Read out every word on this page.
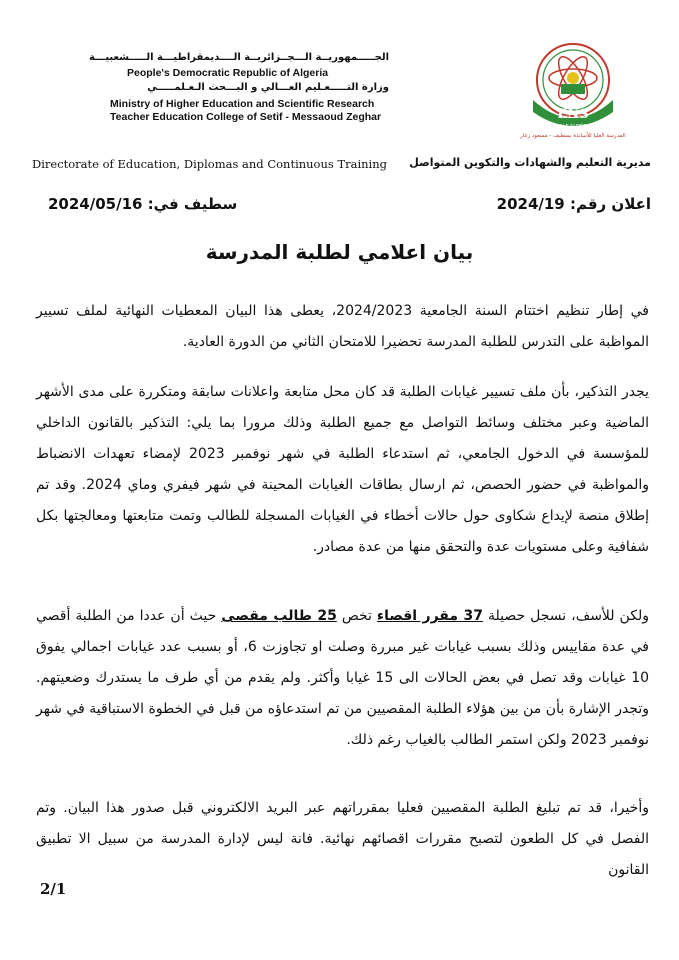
ENS
ÉCOLE NORMALE SUPÉRIEURE - SETIF
المدرسة العليا للأساتذة بسطيف - مسعود زغار
الجـــــمهوريــة الـــجــزائريــة الــــديمقراطيـــة الـــــشعبيـــة
People's Democratic Republic of Algeria
وزارة التـــــعـليم العـــالي و البـــحث الـعـلمـــــي
Ministry of Higher Education and Scientific Research
Teacher Education College of Setif - Messaoud Zeghar
Directorate of Education, Diplomas and Continuous Training مديرية التعليم والشهادات والتكوين المتواصل
اعلان رقم: 2024/19
سطيف في: 2024/05/16
بيان اعلامي لطلبة المدرسة
في إطار تنظيم اختتام السنة الجامعية 2024/2023، يعطى هذا البيان المعطيات النهائية لملف تسيير المواظبة على التدرس للطلبة المدرسة تحضيرا للامتحان الثاني من الدورة العادية.
يجدر التذكير، بأن ملف تسيير غيابات الطلبة قد كان محل متابعة واعلانات سابقة ومتكررة على مدى الأشهر الماضية وعبر مختلف وسائط التواصل مع جميع الطلبة وذلك مرورا بما يلي: التذكير بالقانون الداخلي للمؤسسة في الدخول الجامعي، ثم استدعاء الطلبة في شهر نوفمبر 2023 لإمضاء تعهدات الانضباط والمواظبة في حضور الحصص، ثم ارسال بطاقات الغيابات المحينة في شهر فيفري وماي 2024. وقد تم إطلاق منصة لإيداع شكاوى حول حالات أخطاء في الغيابات المسجلة للطالب وتمت متابعتها ومعالجتها بكل شفافية وعلى مستويات عدة والتحقق منها من عدة مصادر.
ولكن للأسف، نسجل حصيلة 37 مقرر اقصاء تخص 25 طالب مقصى حيث أن عددا من الطلبة أقصي في عدة مقاييس وذلك بسبب غيابات غير مبررة وصلت او تجاوزت 6، أو بسبب عدد غيابات اجمالي يفوق 10 غيابات وقد تصل في بعض الحالات الى 15 غيابا وأكثر. ولم يقدم من أي طرف ما يستدرك وضعيتهم. وتجدر الإشارة بأن من بين هؤلاء الطلبة المقصيين من تم استدعاؤه من قبل في الخطوة الاستباقية في شهر نوفمبر 2023 ولكن استمر الطالب بالغياب رغم ذلك.
وأخيرا، قد تم تبليغ الطلبة المقصيين فعليا بمقرراتهم عبر البريد الالكتروني قبل صدور هذا البيان. وتم الفصل في كل الطعون لتصبح مقررات اقصائهم نهائية. فانة ليس لإدارة المدرسة من سبيل الا تطبيق القانون
2/1
